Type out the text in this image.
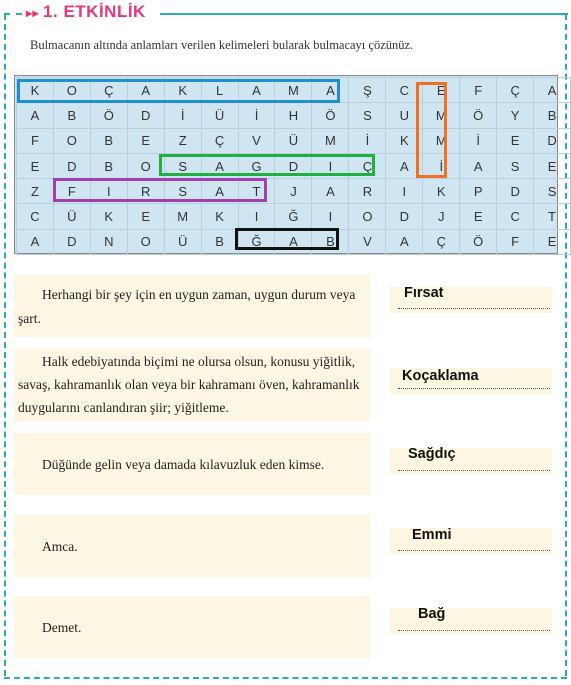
▸▸ 1. ETKİNLİK
Bulmacanın altında anlamları verilen kelimeleri bularak bulmacayı çözünüz.
K	O	Ç	A	K	L	A	M	A	Ş	C	E	F	Ç	A
A	B	Ö	D	İ	Ü	İ	H	Ö	S	U	M	Ö	Y	B
F	O	B	E	Z	Ç	V	Ü	M	İ	K	M	İ	E	D
E	D	B	O	S	A	G	D	I	Ç	A	İ	A	S	E
Z	F	I	R	S	A	T	J	A	R	I	K	P	D	S
C	Ü	K	E	M	K	I	Ğ	I	O	D	J	E	C	T
A	D	N	O	Ü	B	Ğ	A	B	V	A	Ç	Ö	F	E
Herhangi bir şey için en uygun zaman, uygun durum veya şart.
Fırsat
Halk edebiyatında biçimi ne olursa olsun, konusu yiğitlik, savaş, kahramanlık olan veya bir kahramanı öven, kahramanlık duygularını canlandıran şiir; yiğitleme.
Koçaklama
Düğünde gelin veya damada kılavuzluk eden kimse.
Sağdıç
Amca.
Emmi
Demet.
Bağ
